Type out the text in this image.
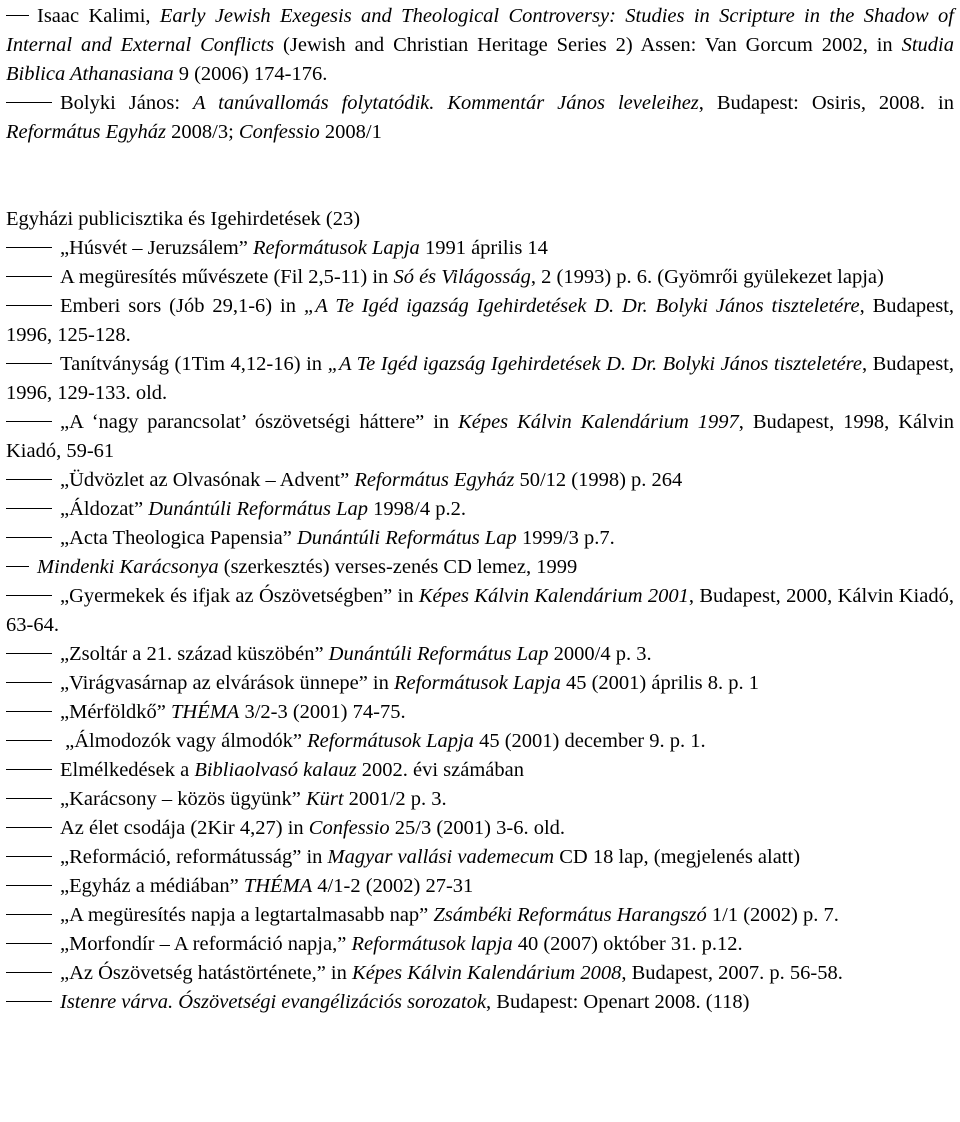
Isaac Kalimi, Early Jewish Exegesis and Theological Controversy: Studies in Scripture in the Shadow of Internal and External Conflicts (Jewish and Christian Heritage Series 2) Assen: Van Gorcum 2002, in Studia Biblica Athanasiana 9 (2006) 174-176.

Bolyki János: A tanúvallomás folytatódik. Kommentár János leveleihez, Budapest: Osiris, 2008. in Református Egyház 2008/3; Confessio 2008/1

Egyházi publicisztika és Igehirdetések (23)

„Húsvét – Jeruzsálem” Reformátusok Lapja 1991 április 14

A megüresítés művészete (Fil 2,5-11) in Só és Világosság, 2 (1993) p. 6. (Gyömrői gyülekezet lapja)

Emberi sors (Jób 29,1-6) in „A Te Igéd igazság Igehirdetések D. Dr. Bolyki János tiszteletére, Budapest, 1996, 125-128.

Tanítványság (1Tim 4,12-16) in „A Te Igéd igazság Igehirdetések D. Dr. Bolyki János tiszteletére, Budapest, 1996, 129-133. old.

„A ‘nagy parancsolat’ ószövetségi háttere” in Képes Kálvin Kalendárium 1997, Budapest, 1998, Kálvin Kiadó, 59-61

„Üdvözlet az Olvasónak – Advent” Református Egyház 50/12 (1998) p. 264

„Áldozat” Dunántúli Református Lap 1998/4 p.2.

„Acta Theologica Papensia” Dunántúli Református Lap 1999/3 p.7.

Mindenki Karácsonya (szerkesztés) verses-zenés CD lemez, 1999

„Gyermekek és ifjak az Ószövetségben” in Képes Kálvin Kalendárium 2001, Budapest, 2000, Kálvin Kiadó, 63-64.

„Zsoltár a 21. század küszöbén” Dunántúli Református Lap 2000/4 p. 3.

„Virágvasárnap az elvárások ünnepe” in Reformátusok Lapja 45 (2001) április 8. p. 1

„Mérföldkő” THÉMA 3/2-3 (2001) 74-75.

„Álmodozók vagy álmodók” Reformátusok Lapja 45 (2001) december 9. p. 1.

Elmélkedések a Bibliaolvasó kalauz 2002. évi számában

„Karácsony – közös ügyünk” Kürt 2001/2 p. 3.

Az élet csodája (2Kir 4,27) in Confessio 25/3 (2001) 3-6. old.

„Reformáció, reformátusság” in Magyar vallási vademecum CD 18 lap, (megjelenés alatt)

„Egyház a médiában” THÉMA 4/1-2 (2002) 27-31

„A megüresítés napja a legtartalmasabb nap” Zsámbéki Református Harangszó 1/1 (2002) p. 7.

„Morfondír – A reformáció napja,” Reformátusok lapja 40 (2007) október 31. p.12.

„Az Ószövetség hatástörténete,” in Képes Kálvin Kalendárium 2008, Budapest, 2007. p. 56-58.

Istenre várva. Ószövetségi evangélizációs sorozatok, Budapest: Openart 2008. (118)
